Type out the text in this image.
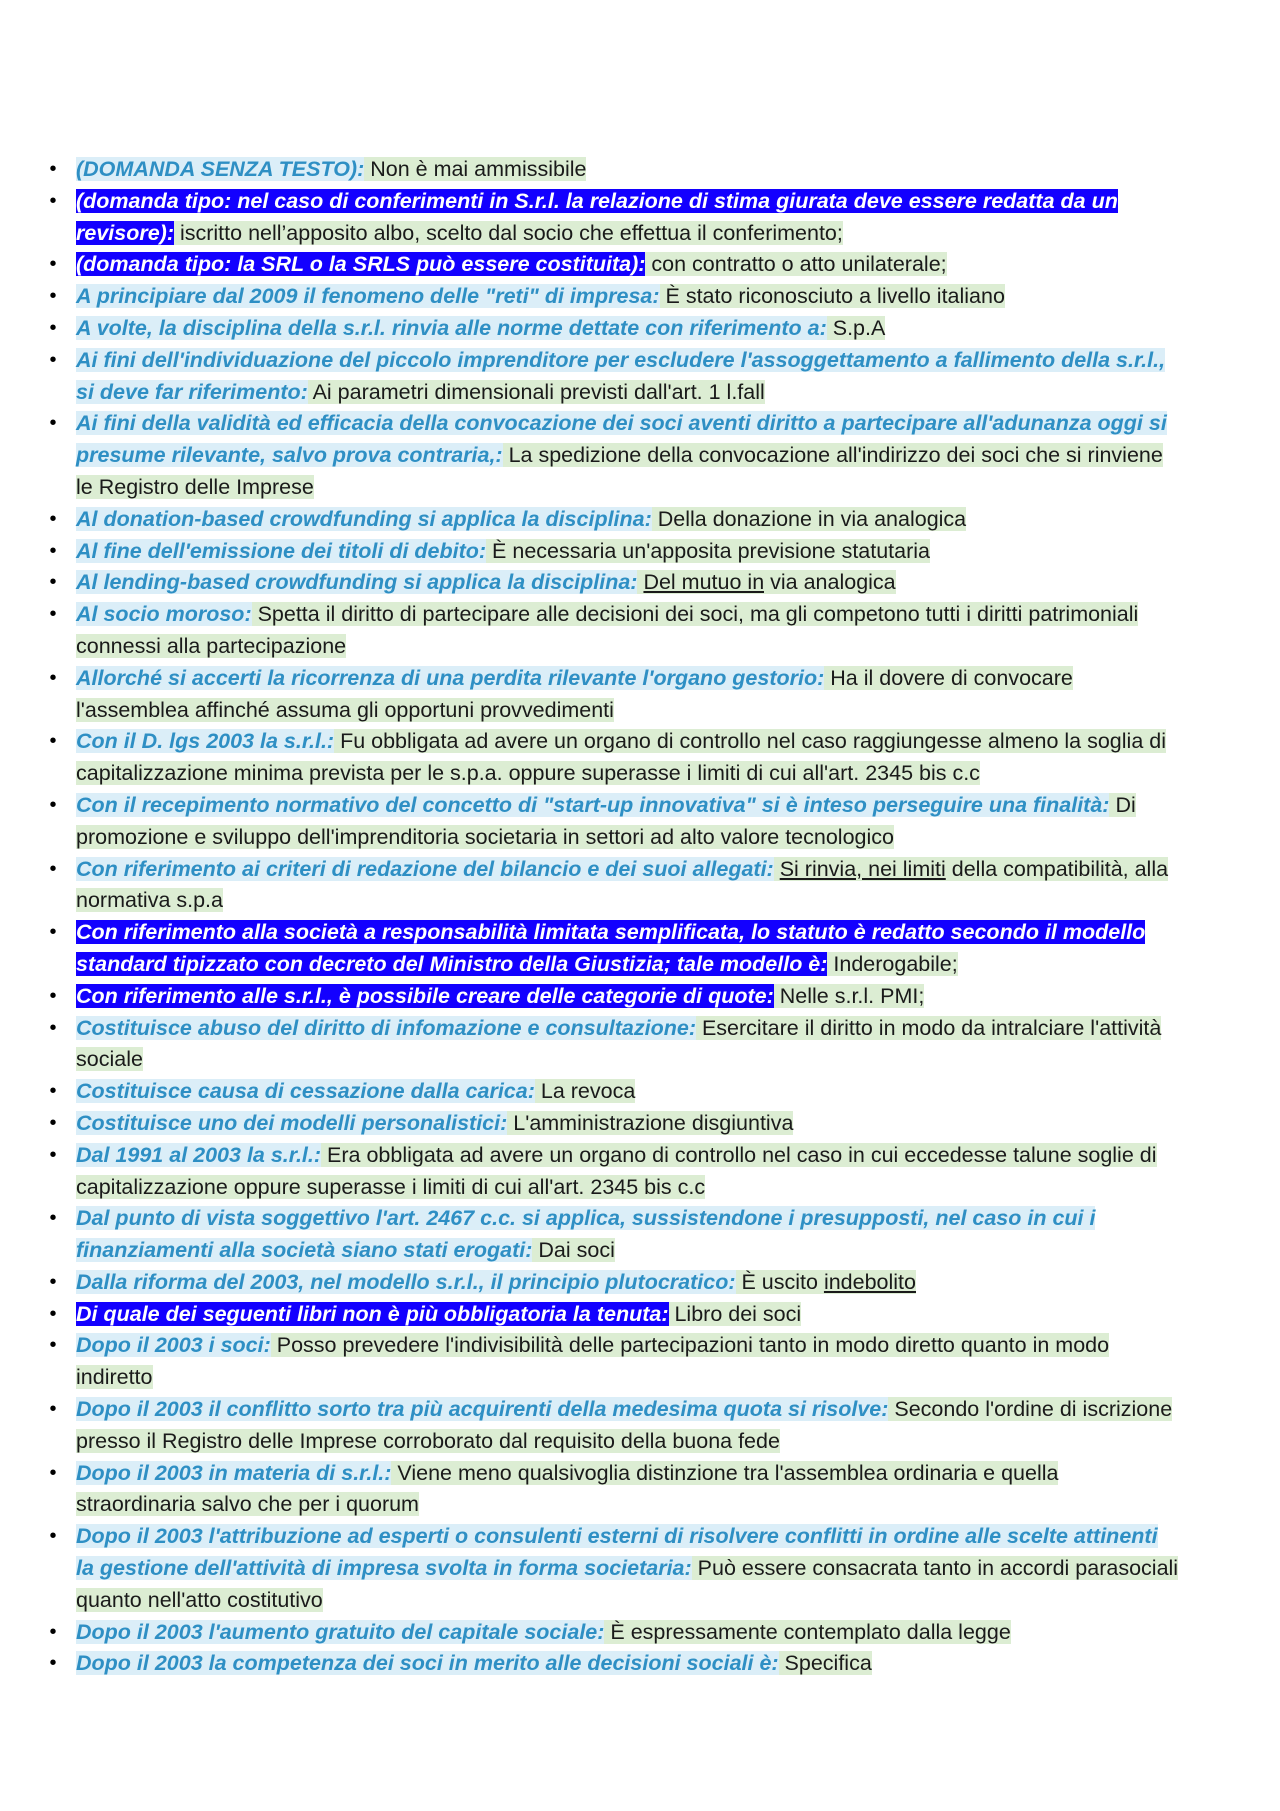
• (DOMANDA SENZA TESTO): Non è mai ammissibile
• (domanda tipo: nel caso di conferimenti in S.r.l. la relazione di stima giurata deve essere redatta da un revisore): iscritto nell’apposito albo, scelto dal socio che effettua il conferimento;
• (domanda tipo: la SRL o la SRLS può essere costituita): con contratto o atto unilaterale;
• A principiare dal 2009 il fenomeno delle "reti" di impresa: È stato riconosciuto a livello italiano
• A volte, la disciplina della s.r.l. rinvia alle norme dettate con riferimento a: S.p.A
• Ai fini dell'individuazione del piccolo imprenditore per escludere l'assoggettamento a fallimento della s.r.l., si deve far riferimento: Ai parametri dimensionali previsti dall'art. 1 l.fall
• Ai fini della validità ed efficacia della convocazione dei soci aventi diritto a partecipare all'adunanza oggi si presume rilevante, salvo prova contraria,: La spedizione della convocazione all'indirizzo dei soci che si rinviene le Registro delle Imprese
• Al donation-based crowdfunding si applica la disciplina: Della donazione in via analogica
• Al fine dell'emissione dei titoli di debito: È necessaria un'apposita previsione statutaria
• Al lending-based crowdfunding si applica la disciplina: Del mutuo in via analogica
• Al socio moroso: Spetta il diritto di partecipare alle decisioni dei soci, ma gli competono tutti i diritti patrimoniali connessi alla partecipazione
• Allorché si accerti la ricorrenza di una perdita rilevante l'organo gestorio: Ha il dovere di convocare l'assemblea affinché assuma gli opportuni provvedimenti
• Con il D. lgs 2003 la s.r.l.: Fu obbligata ad avere un organo di controllo nel caso raggiungesse almeno la soglia di capitalizzazione minima prevista per le s.p.a. oppure superasse i limiti di cui all'art. 2345 bis c.c
• Con il recepimento normativo del concetto di "start-up innovativa" si è inteso perseguire una finalità: Di promozione e sviluppo dell'imprenditoria societaria in settori ad alto valore tecnologico
• Con riferimento ai criteri di redazione del bilancio e dei suoi allegati: Si rinvia, nei limiti della compatibilità, alla normativa s.p.a
• Con riferimento alla società a responsabilità limitata semplificata, lo statuto è redatto secondo il modello standard tipizzato con decreto del Ministro della Giustizia; tale modello è: Inderogabile;
• Con riferimento alle s.r.l., è possibile creare delle categorie di quote: Nelle s.r.l. PMI;
• Costituisce abuso del diritto di infomazione e consultazione: Esercitare il diritto in modo da intralciare l'attività sociale
• Costituisce causa di cessazione dalla carica: La revoca
• Costituisce uno dei modelli personalistici: L'amministrazione disgiuntiva
• Dal 1991 al 2003 la s.r.l.: Era obbligata ad avere un organo di controllo nel caso in cui eccedesse talune soglie di capitalizzazione oppure superasse i limiti di cui all'art. 2345 bis c.c
• Dal punto di vista soggettivo l'art. 2467 c.c. si applica, sussistendone i presupposti, nel caso in cui i finanziamenti alla società siano stati erogati: Dai soci
• Dalla riforma del 2003, nel modello s.r.l., il principio plutocratico: È uscito indebolito
• Di quale dei seguenti libri non è più obbligatoria la tenuta: Libro dei soci
• Dopo il 2003 i soci: Posso prevedere l'indivisibilità delle partecipazioni tanto in modo diretto quanto in modo indiretto
• Dopo il 2003 il conflitto sorto tra più acquirenti della medesima quota si risolve: Secondo l'ordine di iscrizione presso il Registro delle Imprese corroborato dal requisito della buona fede
• Dopo il 2003 in materia di s.r.l.: Viene meno qualsivoglia distinzione tra l'assemblea ordinaria e quella straordinaria salvo che per i quorum
• Dopo il 2003 l'attribuzione ad esperti o consulenti esterni di risolvere conflitti in ordine alle scelte attinenti la gestione dell'attività di impresa svolta in forma societaria: Può essere consacrata tanto in accordi parasociali quanto nell'atto costitutivo
• Dopo il 2003 l'aumento gratuito del capitale sociale: È espressamente contemplato dalla legge
• Dopo il 2003 la competenza dei soci in merito alle decisioni sociali è: Specifica
